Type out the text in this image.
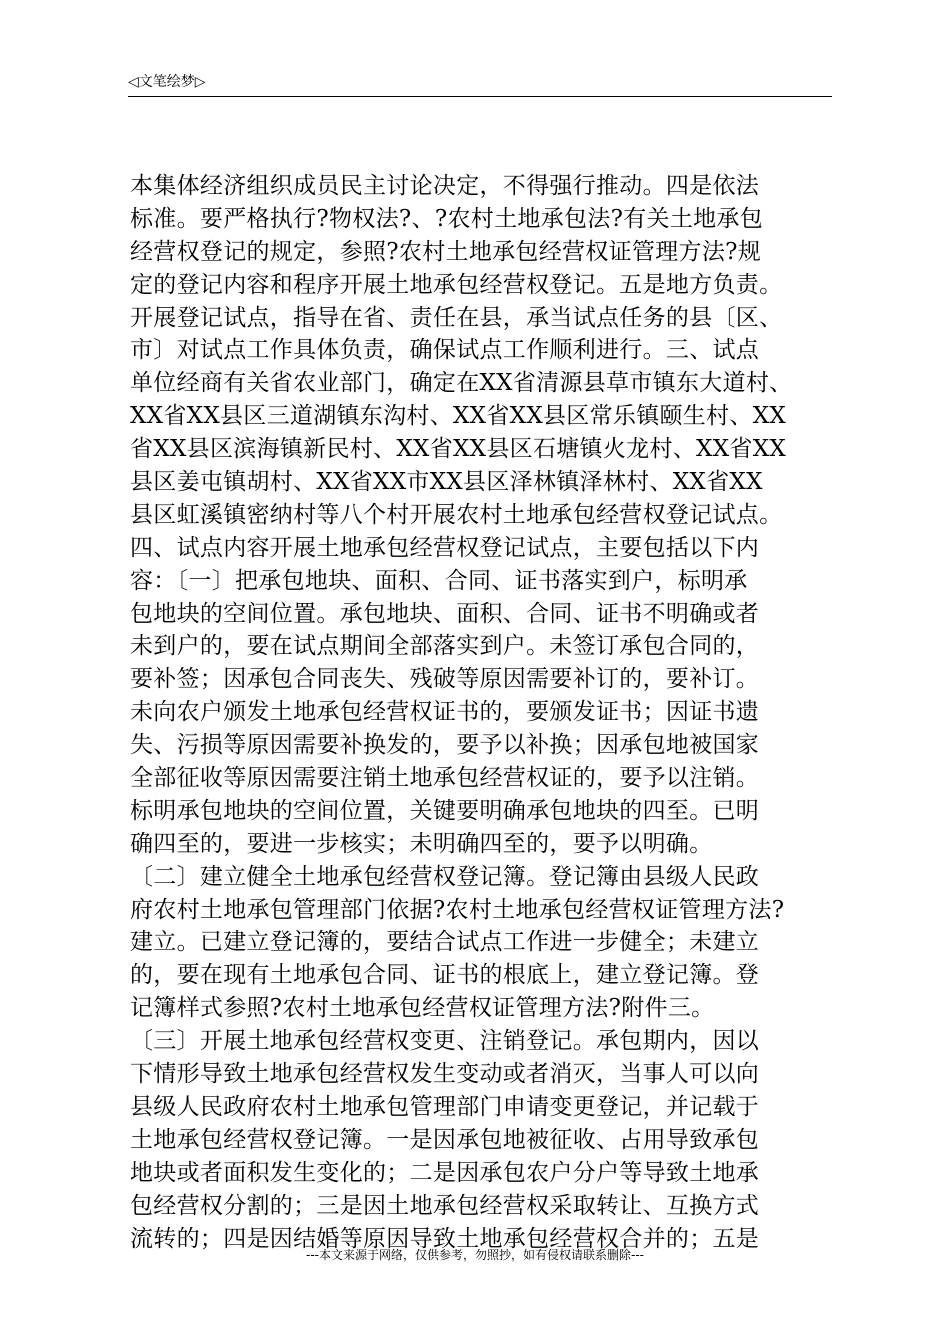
◁文笔绘梦▷
本集体经济组织成员民主讨论决定，不得强行推动。四是依法
标准。要严格执行?物权法?、?农村土地承包法?有关土地承包
经营权登记的规定，参照?农村土地承包经营权证管理方法?规
定的登记内容和程序开展土地承包经营权登记。五是地方负责。
开展登记试点，指导在省、责任在县，承当试点任务的县〔区、
市〕对试点工作具体负责，确保试点工作顺利进行。三、试点
单位经商有关省农业部门，确定在XX省清源县草市镇东大道村、
XX省XX县区三道湖镇东沟村、XX省XX县区常乐镇颐生村、XX
省XX县区滨海镇新民村、XX省XX县区石塘镇火龙村、XX省XX
县区姜屯镇胡村、XX省XX市XX县区泽林镇泽林村、XX省XX
县区虹溪镇密纳村等八个村开展农村土地承包经营权登记试点。
四、试点内容开展土地承包经营权登记试点，主要包括以下内
容：〔一〕把承包地块、面积、合同、证书落实到户，标明承
包地块的空间位置。承包地块、面积、合同、证书不明确或者
未到户的，要在试点期间全部落实到户。未签订承包合同的，
要补签；因承包合同丧失、残破等原因需要补订的，要补订。
未向农户颁发土地承包经营权证书的，要颁发证书；因证书遗
失、污损等原因需要补换发的，要予以补换；因承包地被国家
全部征收等原因需要注销土地承包经营权证的，要予以注销。
标明承包地块的空间位置，关键要明确承包地块的四至。已明
确四至的，要进一步核实；未明确四至的，要予以明确。
〔二〕建立健全土地承包经营权登记簿。登记簿由县级人民政
府农村土地承包管理部门依据?农村土地承包经营权证管理方法?
建立。已建立登记簿的，要结合试点工作进一步健全；未建立
的，要在现有土地承包合同、证书的根底上，建立登记簿。登
记簿样式参照?农村土地承包经营权证管理方法?附件三。
〔三〕开展土地承包经营权变更、注销登记。承包期内，因以
下情形导致土地承包经营权发生变动或者消灭，当事人可以向
县级人民政府农村土地承包管理部门申请变更登记，并记载于
土地承包经营权登记簿。一是因承包地被征收、占用导致承包
地块或者面积发生变化的；二是因承包农户分户等导致土地承
包经营权分割的；三是因土地承包经营权采取转让、互换方式
流转的；四是因结婚等原因导致土地承包经营权合并的；五是
---本文来源于网络，仅供参考，勿照抄，如有侵权请联系删除---
